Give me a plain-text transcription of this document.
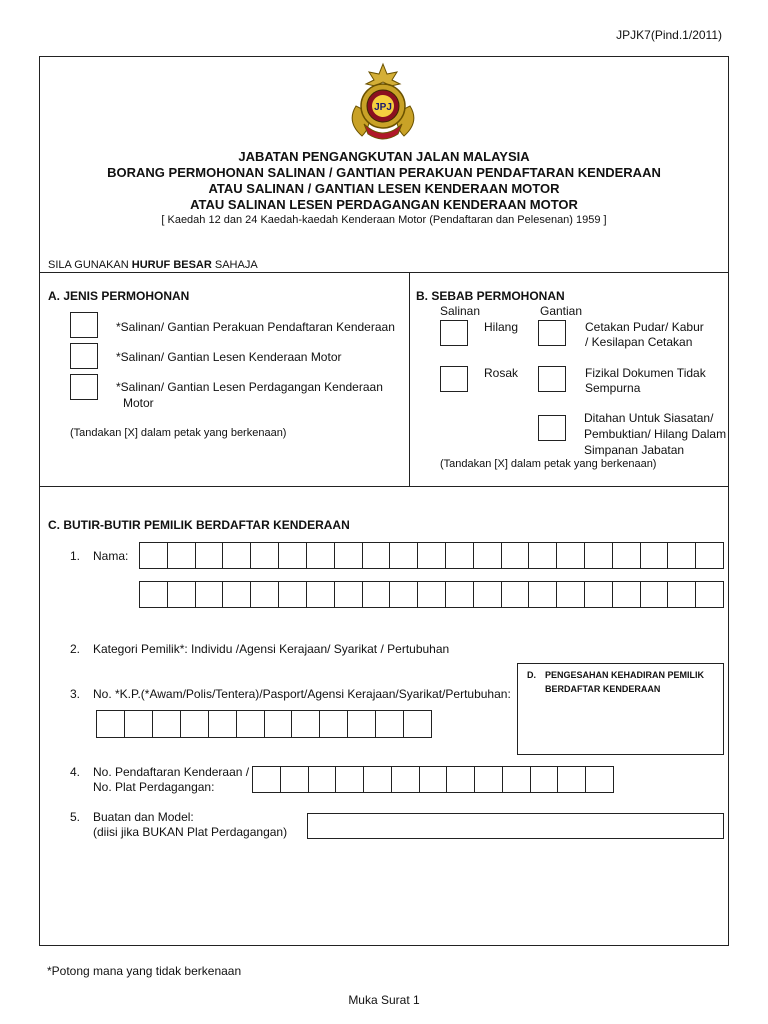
JPJK7(Pind.1/2011)
JPJ
JABATAN PENGANGKUTAN JALAN MALAYSIA
BORANG PERMOHONAN SALINAN / GANTIAN PERAKUAN PENDAFTARAN KENDERAAN
ATAU SALINAN / GANTIAN LESEN KENDERAAN MOTOR
ATAU SALINAN LESEN PERDAGANGAN KENDERAAN MOTOR
[ Kaedah 12 dan 24 Kaedah-kaedah Kenderaan Motor (Pendaftaran dan Pelesenan) 1959 ]
SILA GUNAKAN HURUF BESAR SAHAJA
A. JENIS PERMOHONAN
*Salinan/ Gantian Perakuan Pendaftaran Kenderaan
*Salinan/ Gantian Lesen Kenderaan Motor
*Salinan/ Gantian Lesen Perdagangan Kenderaan
Motor
(Tandakan [X] dalam petak yang berkenaan)
B. SEBAB PERMOHONAN
Salinan	Gantian
Hilang	Cetakan Pudar/ Kabur
/ Kesilapan Cetakan
Rosak	Fizikal Dokumen Tidak
Sempurna
Ditahan Untuk Siasatan/
Pembuktian/ Hilang Dalam
Simpanan Jabatan
(Tandakan [X] dalam petak yang berkenaan)
C. BUTIR-BUTIR PEMILIK BERDAFTAR KENDERAAN
1. Nama:
2. Kategori Pemilik*: Individu /Agensi Kerajaan/ Syarikat / Pertubuhan
D. PENGESAHAN KEHADIRAN PEMILIK
BERDAFTAR KENDERAAN
3. No. *K.P.(*Awam/Polis/Tentera)/Pasport/Agensi Kerajaan/Syarikat/Pertubuhan:
4. No. Pendaftaran Kenderaan /
No. Plat Perdagangan:
5. Buatan dan Model:
(diisi jika BUKAN Plat Perdagangan)
*Potong mana yang tidak berkenaan
Muka Surat 1
